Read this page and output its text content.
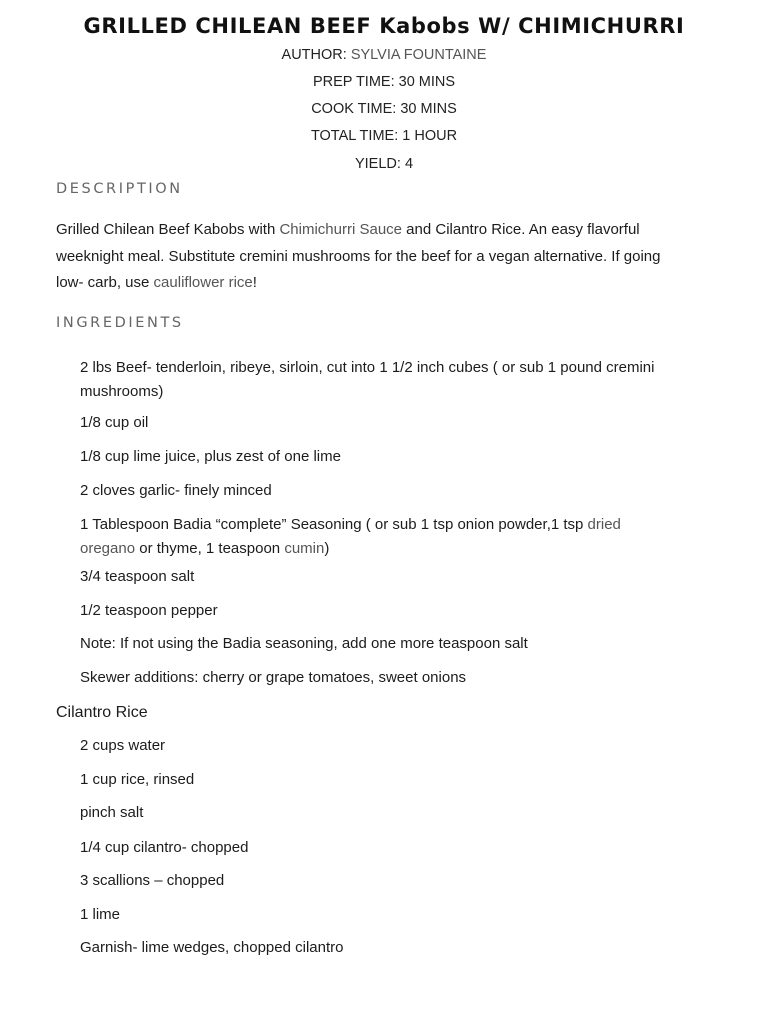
GRILLED CHILEAN BEEF Kabobs W/ CHIMICHURRI
AUTHOR: SYLVIA FOUNTAINE
PREP TIME: 30 MINS
COOK TIME: 30 MINS
TOTAL TIME: 1 HOUR
YIELD: 4
DESCRIPTION
Grilled Chilean Beef Kabobs with Chimichurri Sauce and Cilantro Rice. An easy flavorful weeknight meal. Substitute cremini mushrooms for the beef for a vegan alternative. If going low- carb, use cauliflower rice!
INGREDIENTS
2 lbs Beef- tenderloin, ribeye, sirloin, cut into 1 1/2 inch cubes ( or sub 1 pound cremini mushrooms)
1/8 cup oil
1/8 cup lime juice, plus zest of one lime
2 cloves garlic- finely minced
1 Tablespoon Badia “complete” Seasoning ( or sub 1 tsp onion powder,1 tsp dried oregano or thyme, 1 teaspoon cumin)
3/4 teaspoon salt
1/2 teaspoon pepper
Note: If not using the Badia seasoning, add one more teaspoon salt
Skewer additions: cherry or grape tomatoes, sweet onions
Cilantro Rice
2 cups water
1 cup rice, rinsed
pinch salt
1/4 cup cilantro- chopped
3 scallions – chopped
1 lime
Garnish- lime wedges, chopped cilantro
